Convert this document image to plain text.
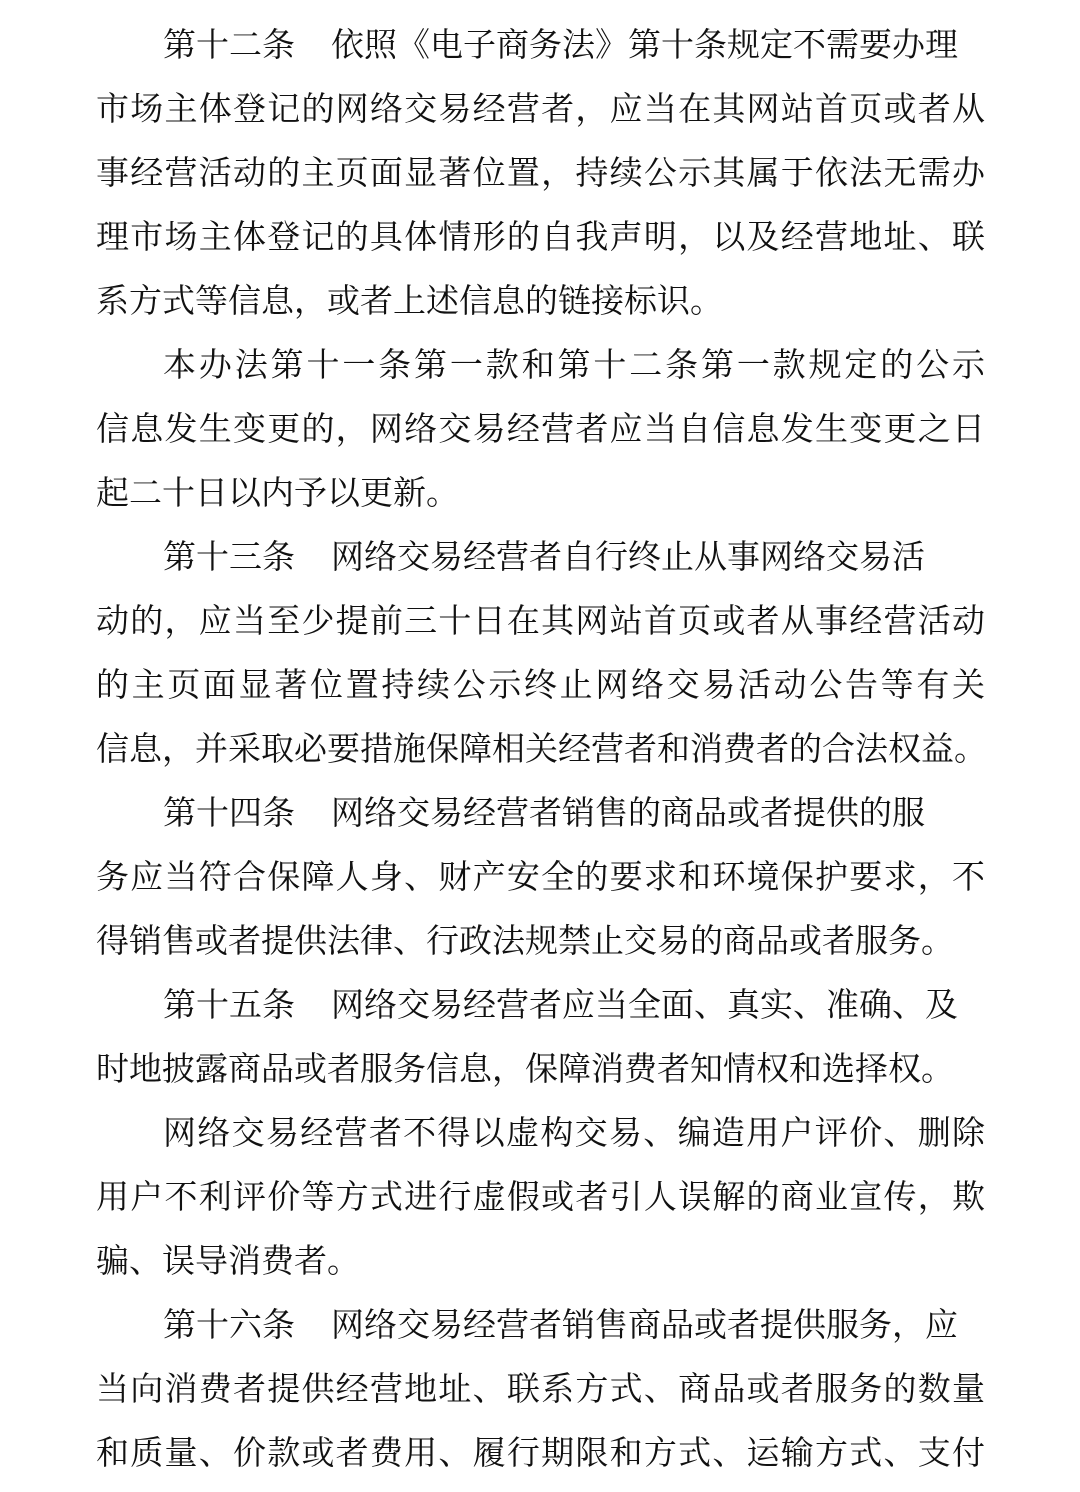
第十二条 依照《电子商务法》第十条规定不需要办理
市场主体登记的网络交易经营者，应当在其网站首页或者从
事经营活动的主页面显著位置，持续公示其属于依法无需办
理市场主体登记的具体情形的自我声明，以及经营地址、联
系方式等信息，或者上述信息的链接标识。
本办法第十一条第一款和第十二条第一款规定的公示
信息发生变更的，网络交易经营者应当自信息发生变更之日
起二十日以内予以更新。
第十三条 网络交易经营者自行终止从事网络交易活
动的，应当至少提前三十日在其网站首页或者从事经营活动
的主页面显著位置持续公示终止网络交易活动公告等有关
信息，并采取必要措施保障相关经营者和消费者的合法权益。
第十四条 网络交易经营者销售的商品或者提供的服
务应当符合保障人身、财产安全的要求和环境保护要求，不
得销售或者提供法律、行政法规禁止交易的商品或者服务。
第十五条 网络交易经营者应当全面、真实、准确、及
时地披露商品或者服务信息，保障消费者知情权和选择权。
网络交易经营者不得以虚构交易、编造用户评价、删除
用户不利评价等方式进行虚假或者引人误解的商业宣传，欺
骗、误导消费者。
第十六条 网络交易经营者销售商品或者提供服务，应
当向消费者提供经营地址、联系方式、商品或者服务的数量
和质量、价款或者费用、履行期限和方式、运输方式、支付
